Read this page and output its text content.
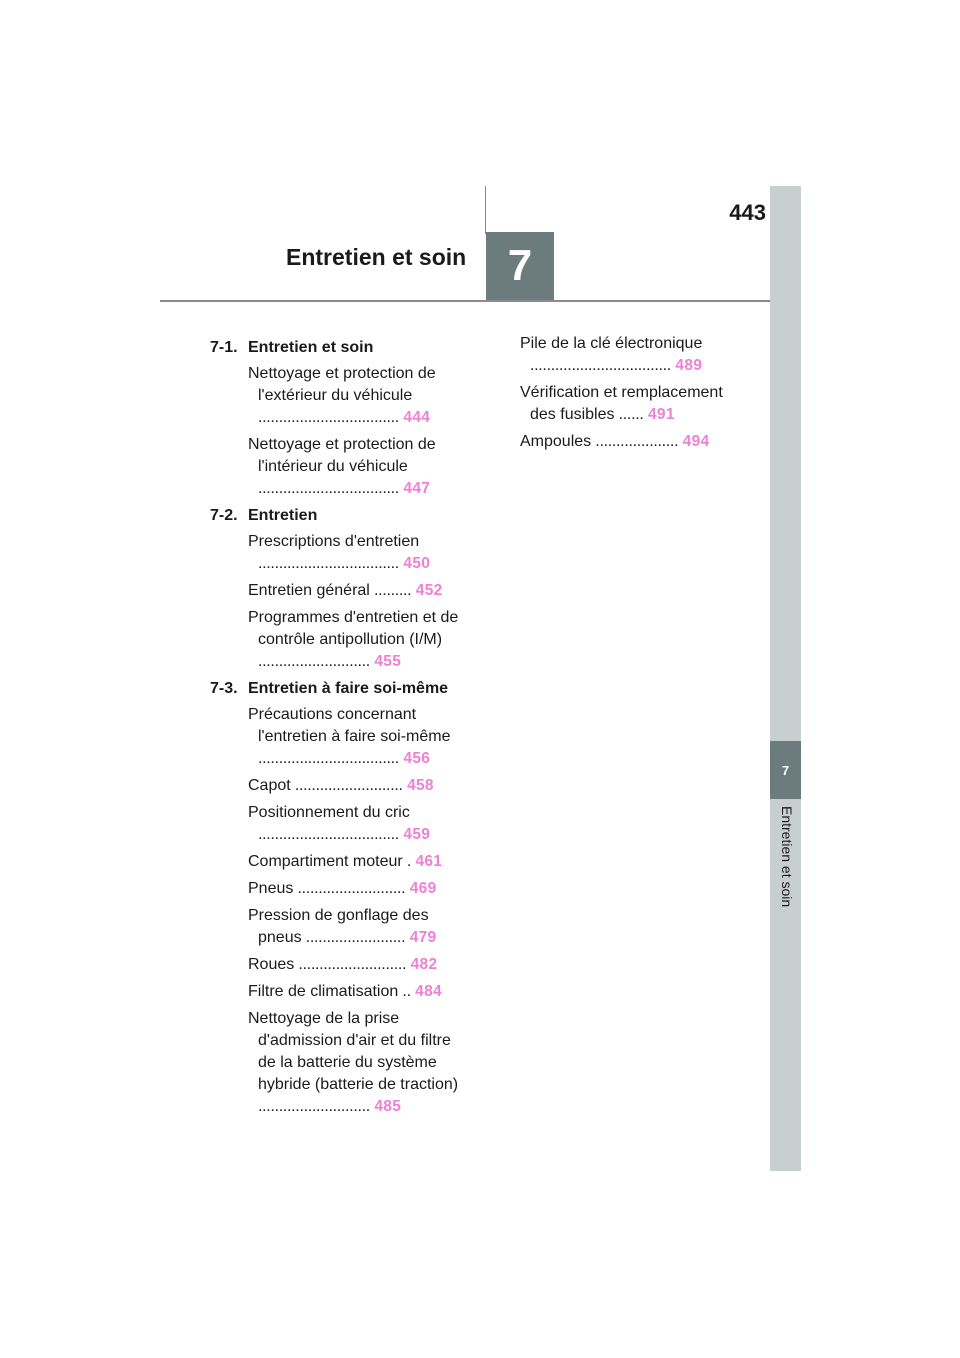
443
Entretien et soin 7
7
Entretien et soin
7-1. Entretien et soin
Nettoyage et protection de l'extérieur du véhicule .................................. 444
Nettoyage et protection de l'intérieur du véhicule .................................. 447
7-2. Entretien
Prescriptions d'entretien .................................. 450
Entretien général ......... 452
Programmes d'entretien et de contrôle antipollution (I/M) ........................... 455
7-3. Entretien à faire soi-même
Précautions concernant l'entretien à faire soi-même .................................. 456
Capot .......................... 458
Positionnement du cric .................................. 459
Compartiment moteur . 461
Pneus .......................... 469
Pression de gonflage des pneus ........................ 479
Roues .......................... 482
Filtre de climatisation .. 484
Nettoyage de la prise d'admission d'air et du filtre de la batterie du système hybride (batterie de traction) ........................... 485
Pile de la clé électronique .................................. 489
Vérification et remplacement des fusibles ...... 491
Ampoules .................... 494
